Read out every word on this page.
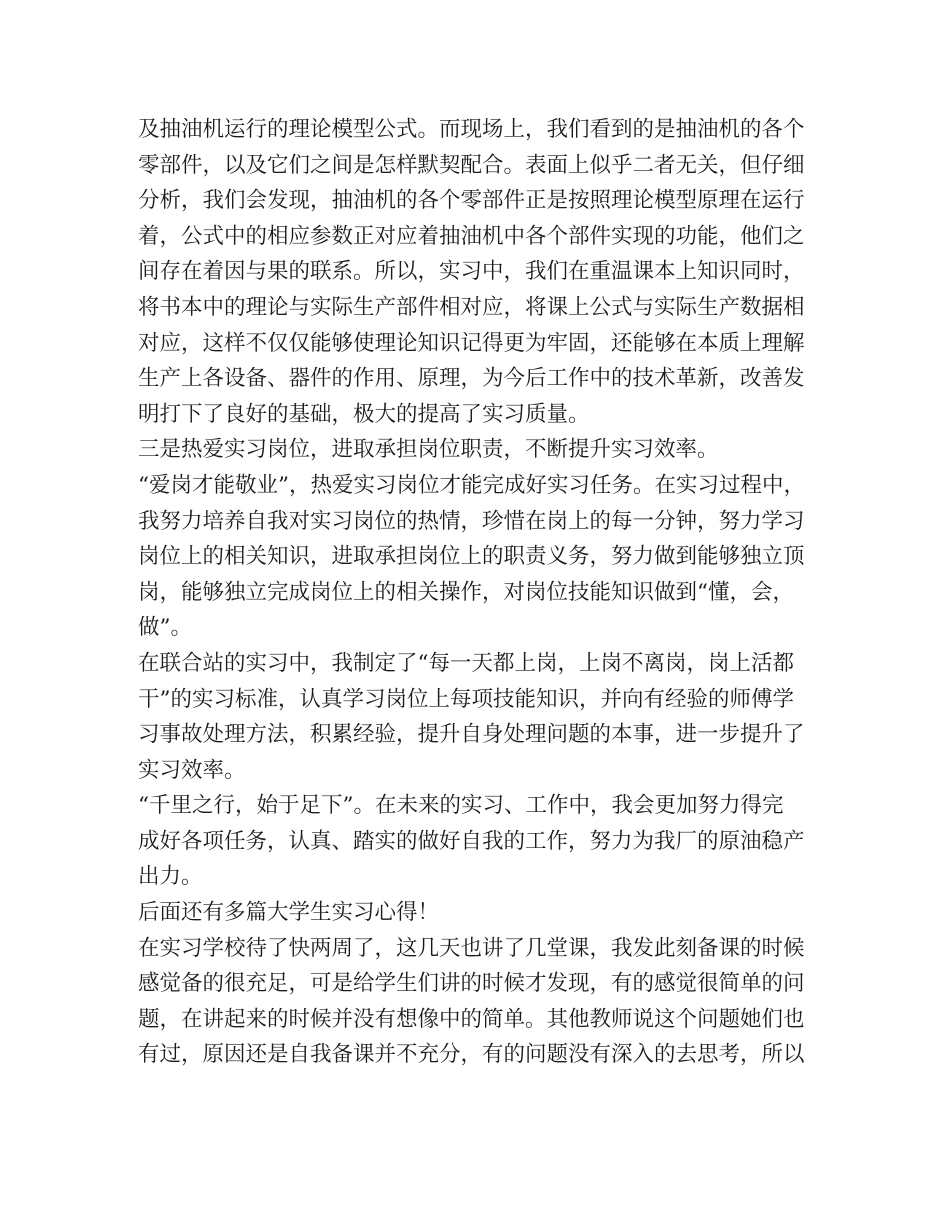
及抽油机运行的理论模型公式。而现场上，我们看到的是抽油机的各个
零部件，以及它们之间是怎样默契配合。表面上似乎二者无关，但仔细
分析，我们会发现，抽油机的各个零部件正是按照理论模型原理在运行
着，公式中的相应参数正对应着抽油机中各个部件实现的功能，他们之
间存在着因与果的联系。所以，实习中，我们在重温课本上知识同时，
将书本中的理论与实际生产部件相对应，将课上公式与实际生产数据相
对应，这样不仅仅能够使理论知识记得更为牢固，还能够在本质上理解
生产上各设备、器件的作用、原理，为今后工作中的技术革新，改善发
明打下了良好的基础，极大的提高了实习质量。
三是热爱实习岗位，进取承担岗位职责，不断提升实习效率。
“爱岗才能敬业”，热爱实习岗位才能完成好实习任务。在实习过程中，
我努力培养自我对实习岗位的热情，珍惜在岗上的每一分钟，努力学习
岗位上的相关知识，进取承担岗位上的职责义务，努力做到能够独立顶
岗，能够独立完成岗位上的相关操作，对岗位技能知识做到“懂，会，
做”。
在联合站的实习中，我制定了“每一天都上岗，上岗不离岗，岗上活都
干”的实习标准，认真学习岗位上每项技能知识，并向有经验的师傅学
习事故处理方法，积累经验，提升自身处理问题的本事，进一步提升了
实习效率。
“千里之行，始于足下”。在未来的实习、工作中，我会更加努力得完
成好各项任务，认真、踏实的做好自我的工作，努力为我厂的原油稳产
出力。
后面还有多篇大学生实习心得！
在实习学校待了快两周了，这几天也讲了几堂课，我发此刻备课的时候
感觉备的很充足，可是给学生们讲的时候才发现，有的感觉很简单的问
题，在讲起来的时候并没有想像中的简单。其他教师说这个问题她们也
有过，原因还是自我备课并不充分，有的问题没有深入的去思考，所以
